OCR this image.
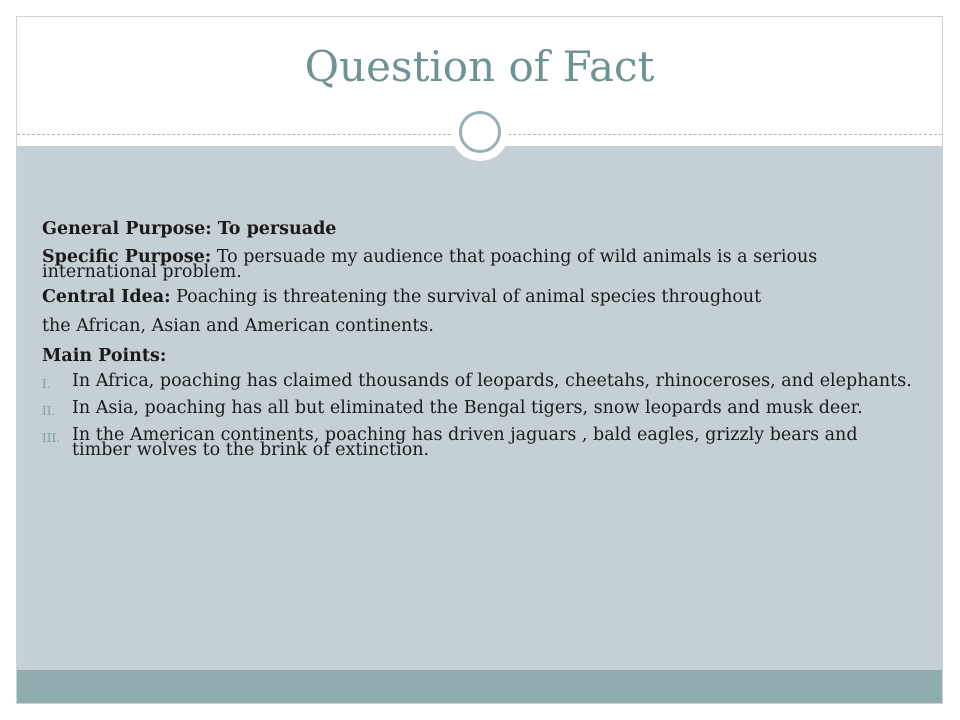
Question of Fact

General Purpose: To persuade

Specific Purpose: To persuade my audience that poaching of wild animals is a serious international problem.

Central Idea: Poaching is threatening the survival of animal species throughout

the African, Asian and American continents.

Main Points:

I. In Africa, poaching has claimed thousands of leopards, cheetahs, rhinoceroses, and elephants.
II. In Asia, poaching has all but eliminated the Bengal tigers, snow leopards and musk deer.
III. In the American continents, poaching has driven jaguars , bald eagles, grizzly bears and timber wolves to the brink of extinction.
